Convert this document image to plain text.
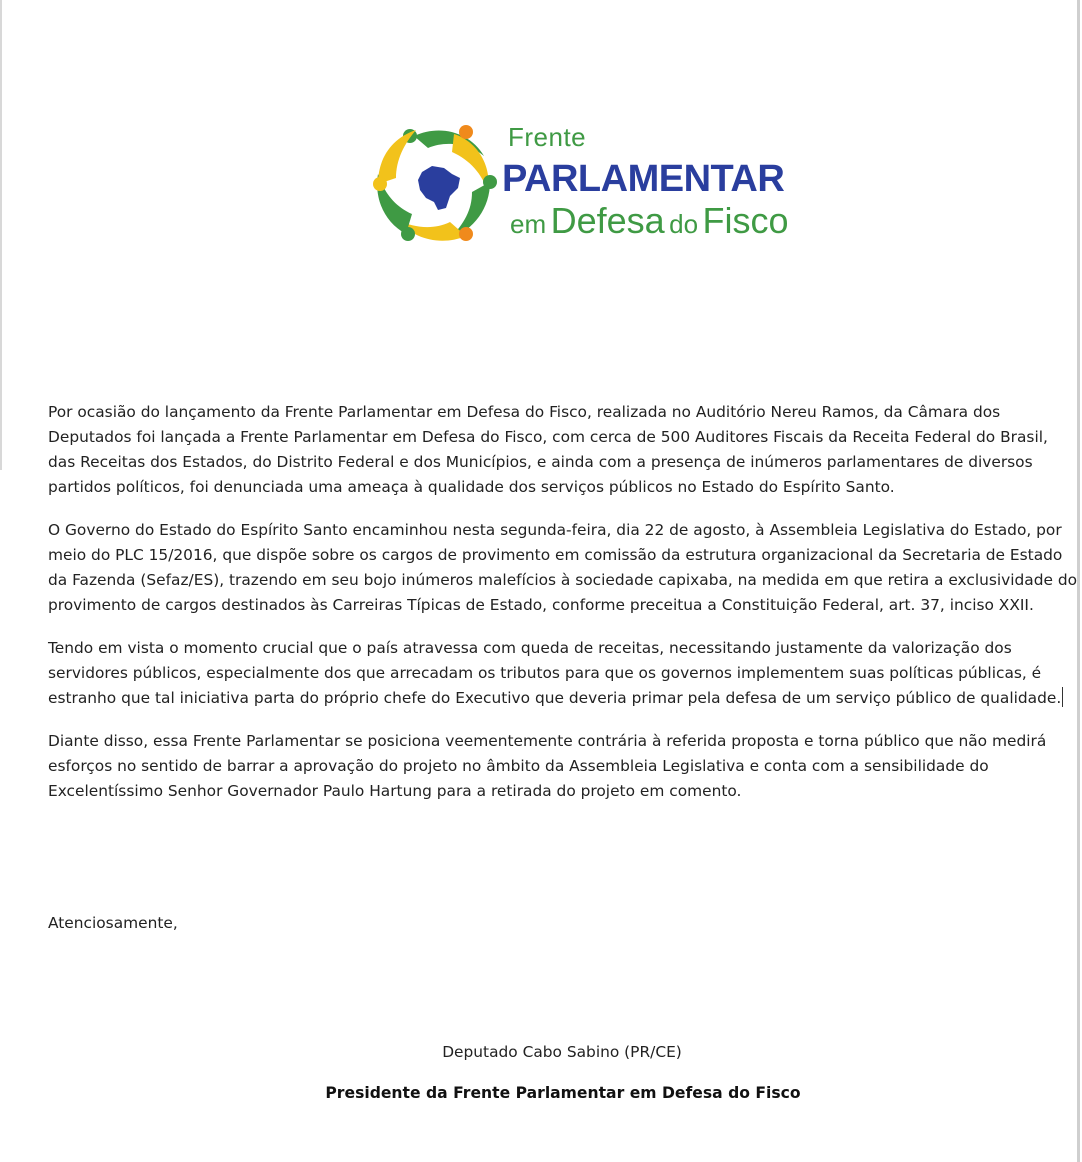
Frente
PARLAMENTAR
em Defesa do Fisco

Por ocasião do lançamento da Frente Parlamentar em Defesa do Fisco, realizada no Auditório Nereu Ramos, da Câmara dos Deputados foi lançada a Frente Parlamentar em Defesa do Fisco, com cerca de 500 Auditores Fiscais da Receita Federal do Brasil, das Receitas dos Estados, do Distrito Federal e dos Municípios, e ainda com a presença de inúmeros parlamentares de diversos partidos políticos, foi denunciada uma ameaça à qualidade dos serviços públicos no Estado do Espírito Santo.

O Governo do Estado do Espírito Santo encaminhou nesta segunda-feira, dia 22 de agosto, à Assembleia Legislativa do Estado, por meio do PLC 15/2016, que dispõe sobre os cargos de provimento em comissão da estrutura organizacional da Secretaria de Estado da Fazenda (Sefaz/ES), trazendo em seu bojo inúmeros malefícios à sociedade capixaba, na medida em que retira a exclusividade do provimento de cargos destinados às Carreiras Típicas de Estado, conforme preceitua a Constituição Federal, art. 37, inciso XXII.

Tendo em vista o momento crucial que o país atravessa com queda de receitas, necessitando justamente da valorização dos servidores públicos, especialmente dos que arrecadam os tributos para que os governos implementem suas políticas públicas, é estranho que tal iniciativa parta do próprio chefe do Executivo que deveria primar pela defesa de um serviço público de qualidade.

Diante disso, essa Frente Parlamentar se posiciona veementemente contrária à referida proposta e torna público que não medirá esforços no sentido de barrar a aprovação do projeto no âmbito da Assembleia Legislativa e conta com a sensibilidade do Excelentíssimo Senhor Governador Paulo Hartung para a retirada do projeto em comento.

Atenciosamente,
Deputado Cabo Sabino (PR/CE)
Presidente da Frente Parlamentar em Defesa do Fisco
